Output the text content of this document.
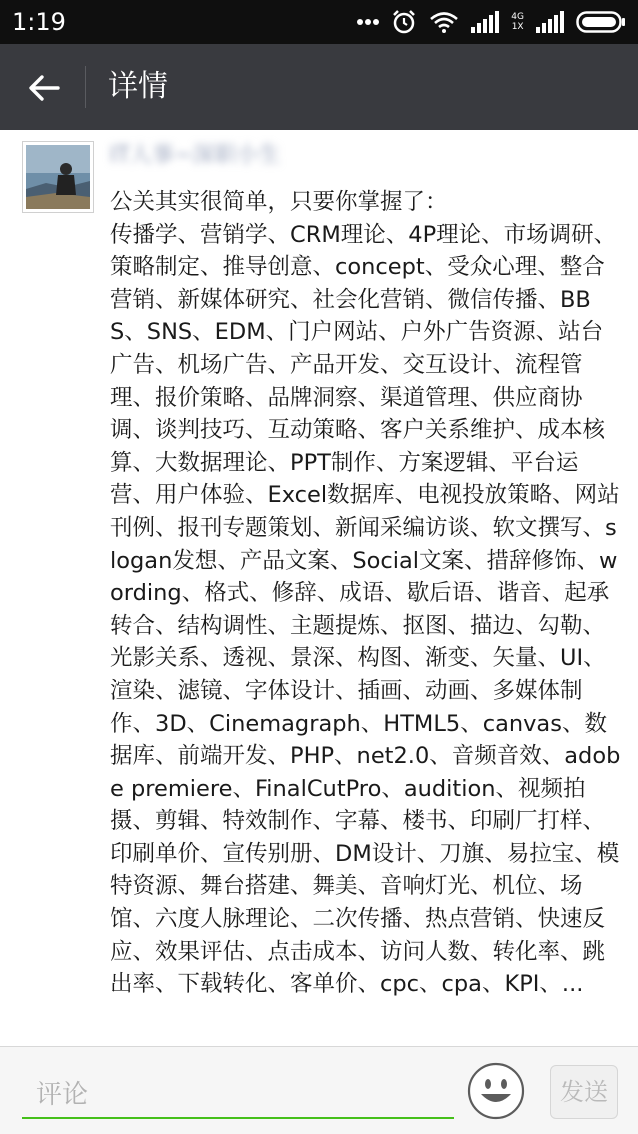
1:19	4G
1X
详情
IT人事~深职小生
公关其实很简单，只要你掌握了：
传播学、营销学、CRM理论、4P理论、市场调研、策略制定、推导创意、concept、受众心理、整合营销、新媒体研究、社会化营销、微信传播、BBS、SNS、EDM、门户网站、户外广告资源、站台广告、机场广告、产品开发、交互设计、流程管理、报价策略、品牌洞察、渠道管理、供应商协调、谈判技巧、互动策略、客户关系维护、成本核算、大数据理论、PPT制作、方案逻辑、平台运营、用户体验、Excel数据库、电视投放策略、网站刊例、报刊专题策划、新闻采编访谈、软文撰写、slogan发想、产品文案、Social文案、措辞修饰、wording、格式、修辞、成语、歇后语、谐音、起承转合、结构调性、主题提炼、抠图、描边、勾勒、光影关系、透视、景深、构图、渐变、矢量、UI、渲染、滤镜、字体设计、插画、动画、多媒体制作、3D、Cinemagraph、HTML5、canvas、数据库、前端开发、PHP、net2.0、音频音效、adobe premiere、FinalCutPro、audition、视频拍摄、剪辑、特效制作、字幕、楼书、印刷厂打样、印刷单价、宣传别册、DM设计、刀旗、易拉宝、模特资源、舞台搭建、舞美、音响灯光、机位、场馆、六度人脉理论、二次传播、热点营销、快速反应、效果评估、点击成本、访问人数、转化率、跳出率、下载转化、客单价、cpc、cpa、KPI、...
评论
发送
